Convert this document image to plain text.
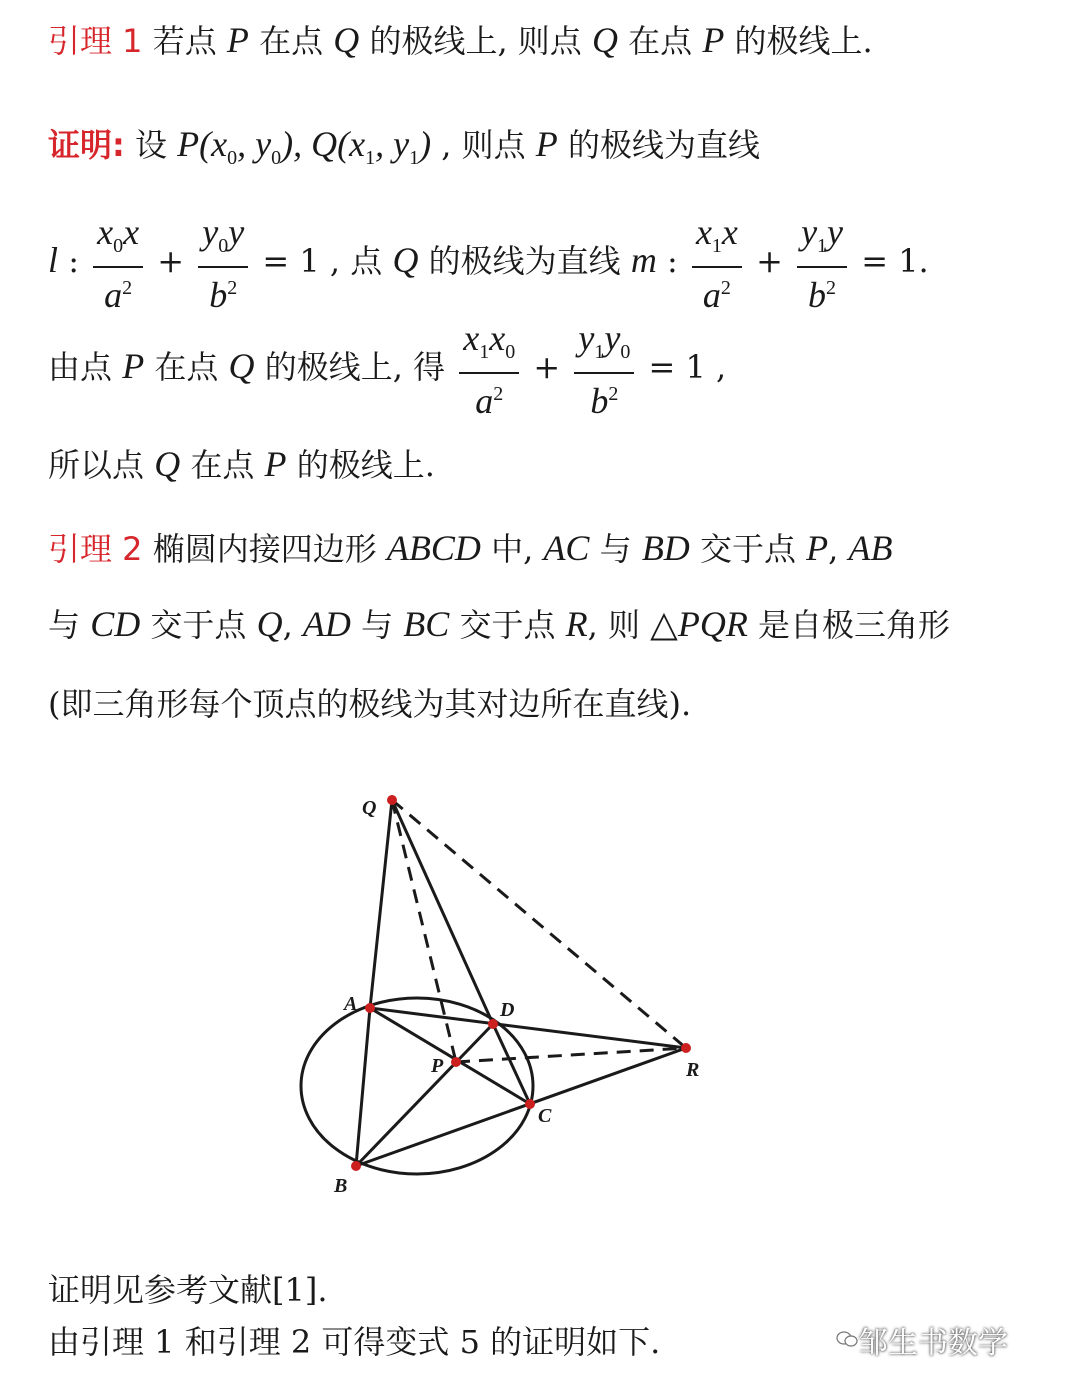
引理 1 若点 P 在点 Q 的极线上, 则点 Q 在点 P 的极线上.
证明: 设 $P(x_0$, $y_0$), $Q(x_1$, $y_1$) , 则点 P 的极线为直线
l : $\frac{x_0x}{a^2} + \frac{y_0y}{b^2} = 1$ , 点 Q 的极线为直线 m : $\frac{x_1x}{a^2} + \frac{y_1y}{b^2} = 1$.
由点 P 在点 Q 的极线上, 得 $\frac{x_1x_0}{a^2} + \frac{y_1y_0}{b^2} = 1$ ,
所以点 Q 在点 P 的极线上.
引理 2 椭圆内接四边形 ABCD 中, AC 与 BD 交于点 P, AB
与 CD 交于点 Q, AD 与 BC 交于点 R, 则 △PQR 是自极三角形
(即三角形每个顶点的极线为其对边所在直线).
Q
A	D
P	R
C
B
证明见参考文献[1].
由引理 1 和引理 2 可得变式 5 的证明如下.	邹生书数学
